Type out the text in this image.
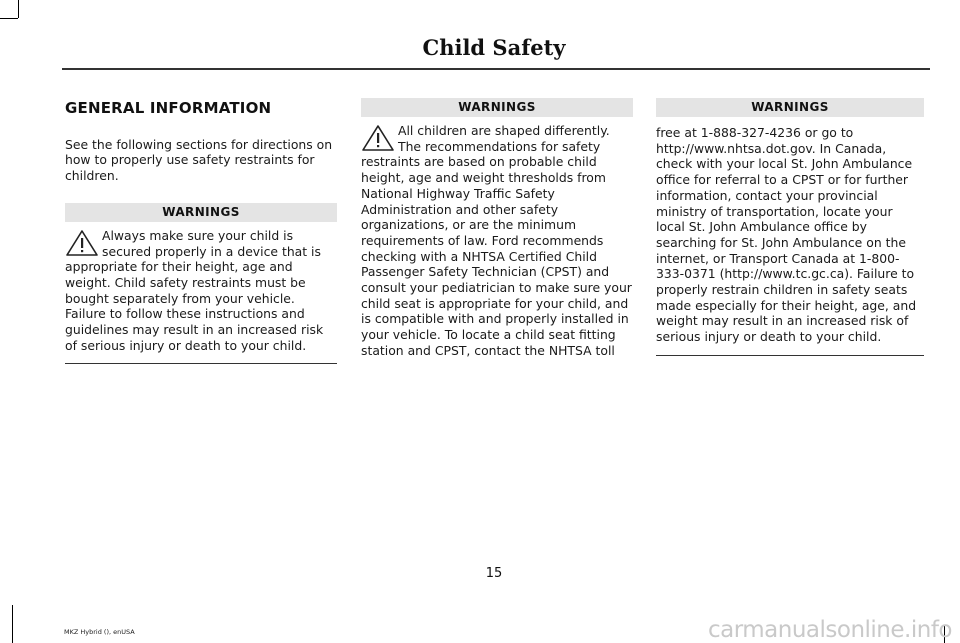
Child Safety
GENERAL INFORMATION

See the following sections for directions on how to properly use safety restraints for children.

WARNINGS

Always make sure your child is secured properly in a device that is appropriate for their height, age and weight. Child safety restraints must be bought separately from your vehicle. Failure to follow these instructions and guidelines may result in an increased risk of serious injury or death to your child.

WARNINGS

All children are shaped differently. The recommendations for safety restraints are based on probable child height, age and weight thresholds from National Highway Traffic Safety Administration and other safety organizations, or are the minimum requirements of law. Ford recommends checking with a NHTSA Certified Child Passenger Safety Technician (CPST) and consult your pediatrician to make sure your child seat is appropriate for your child, and is compatible with and properly installed in your vehicle. To locate a child seat fitting station and CPST, contact the NHTSA toll

WARNINGS

free at 1-888-327-4236 or go to http://www.nhtsa.dot.gov. In Canada, check with your local St. John Ambulance office for referral to a CPST or for further information, contact your provincial ministry of transportation, locate your local St. John Ambulance office by searching for St. John Ambulance on the internet, or Transport Canada at 1-800-333-0371 (http://www.tc.gc.ca). Failure to properly restrain children in safety seats made especially for their height, age, and weight may result in an increased risk of serious injury or death to your child.

15
MKZ Hybrid (), enUSA	carmanualsonline.info
